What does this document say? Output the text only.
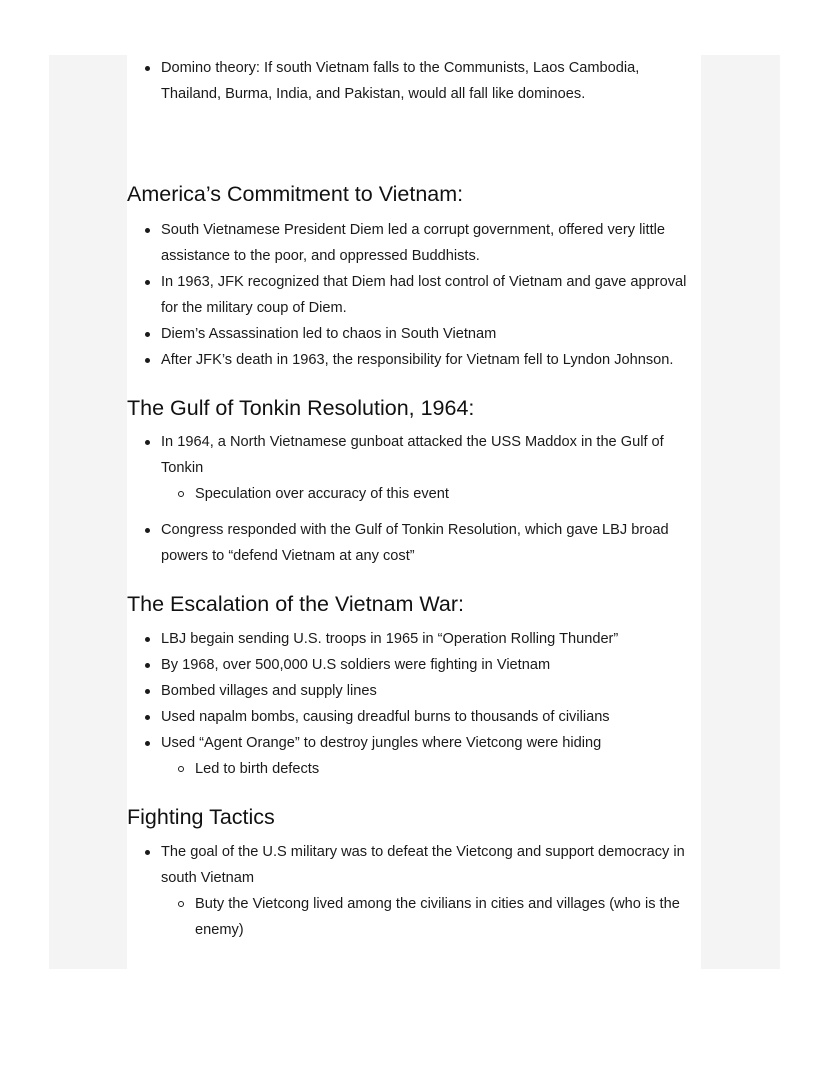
Domino theory: If south Vietnam falls to the Communists, Laos Cambodia, Thailand, Burma, India, and Pakistan, would all fall like dominoes.
America’s Commitment to Vietnam:
South Vietnamese President Diem led a corrupt government, offered very little assistance to the poor, and oppressed Buddhists.
In 1963, JFK recognized that Diem had lost control of Vietnam and gave approval for the military coup of Diem.
Diem’s Assassination led to chaos in South Vietnam
After JFK’s death in 1963, the responsibility for Vietnam fell to Lyndon Johnson.
The Gulf of Tonkin Resolution, 1964:
In 1964, a North Vietnamese gunboat attacked the USS Maddox in the Gulf of Tonkin
Speculation over accuracy of this event
Congress responded with the Gulf of Tonkin Resolution, which gave LBJ broad powers to “defend Vietnam at any cost”
The Escalation of the Vietnam War:
LBJ begain sending U.S. troops in 1965 in “Operation Rolling Thunder”
By 1968, over 500,000 U.S soldiers were fighting in Vietnam
Bombed villages and supply lines
Used napalm bombs, causing dreadful burns to thousands of civilians
Used “Agent Orange” to destroy jungles where Vietcong were hiding
Led to birth defects
Fighting Tactics
The goal of the U.S military was to defeat the Vietcong and support democracy in south Vietnam
Buty the Vietcong lived among the civilians in cities and villages (who is the enemy)
